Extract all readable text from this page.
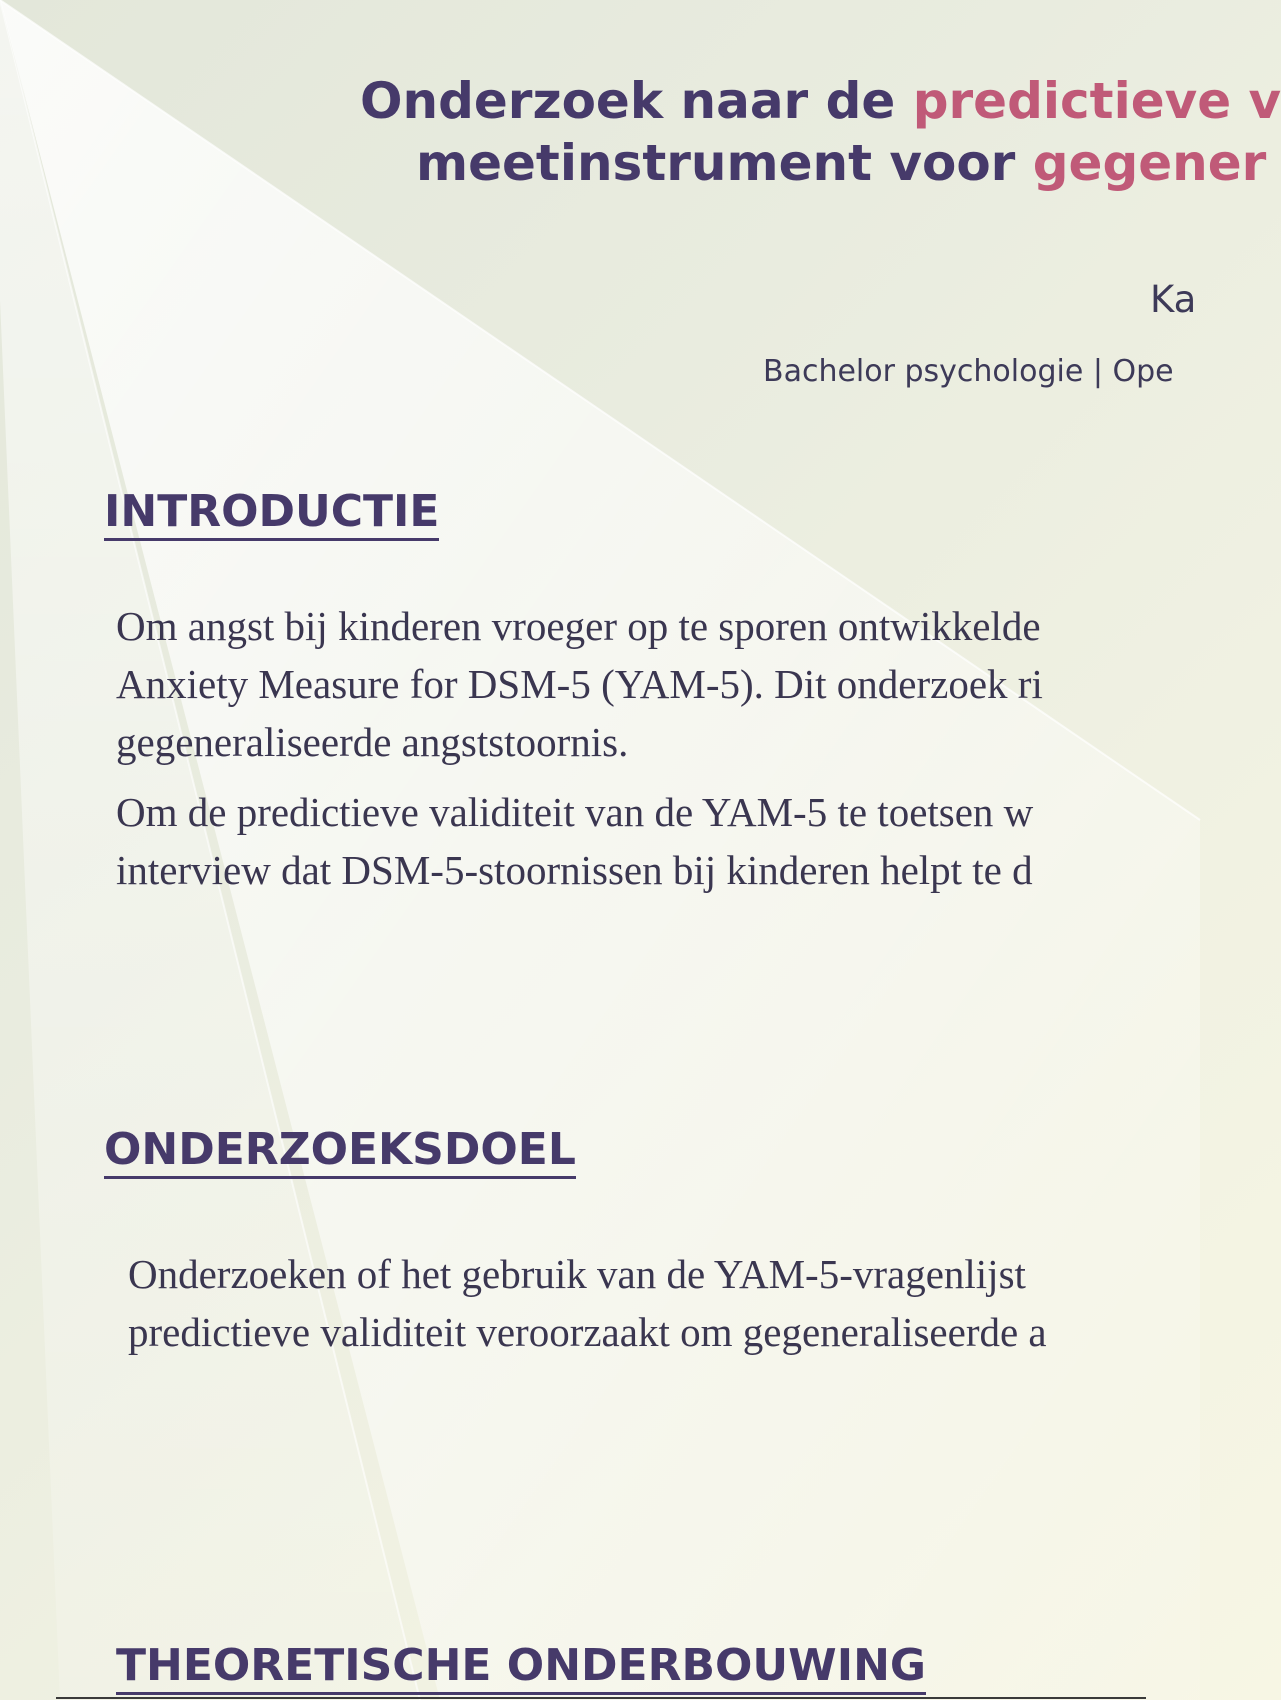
Onderzoek naar de predictieve v
meetinstrument voor gegener
Ka
Bachelor psychologie | Ope
INTRODUCTIE
Om angst bij kinderen vroeger op te sporen ontwikkelde
Anxiety Measure for DSM-5 (YAM-5). Dit onderzoek ri
gegeneraliseerde angststoornis.
Om de predictieve validiteit van de YAM-5 te toetsen w
interview dat DSM-5-stoornissen bij kinderen helpt te d
ONDERZOEKSDOEL
Onderzoeken of het gebruik van de YAM-5-vragenlijst
predictieve validiteit veroorzaakt om gegeneraliseerde a
THEORETISCHE ONDERBOUWING
